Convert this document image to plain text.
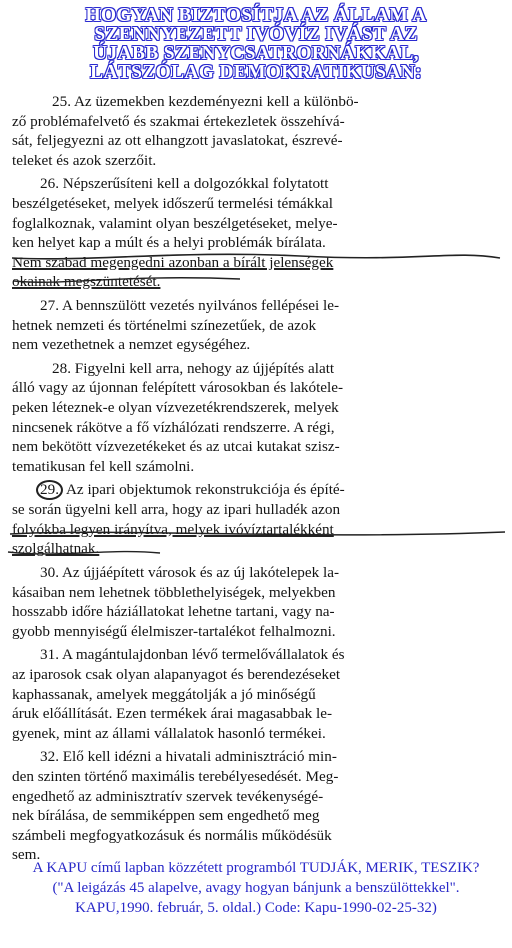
HOGYAN BIZTOSÍTJA AZ ÁLLAM A
SZENNYEZETT IVÓVÍZ IVÁST AZ
ÚJABB SZENYCSATRORNÁKKAL,
LÁTSZÓLAG DEMOKRATIKUSAN:
25. Az üzemekben kezdeményezni kell a különbö-
ző problémafelvető és szakmai értekezletek összehívá-
sát, feljegyezni az ott elhangzott javaslatokat, észrevé-
teleket és azok szerzőit.
26. Népszerűsíteni kell a dolgozókkal folytatott
beszélgetéseket, melyek időszerű termelési témákkal
foglalkoznak, valamint olyan beszélgetéseket, melye-
ken helyet kap a múlt és a helyi problémák bírálata.
Nem szabad megengedni azonban a bírált jelenségek
okainak megszüntetését.
27. A bennszülött vezetés nyilvános fellépései le-
hetnek nemzeti és történelmi színezetűek, de azok
nem vezethetnek a nemzet egységéhez.
28. Figyelni kell arra, nehogy az újjépítés alatt
álló vagy az újonnan felépített városokban és lakótele-
peken léteznek-e olyan vízvezetékrendszerek, melyek
nincsenek rákötve a fő vízhálózati rendszerre. A régi,
nem bekötött vízvezetékeket és az utcai kutakat szisz-
tematikusan fel kell számolni.
29. Az ipari objektumok rekonstrukciója és építé-
se során ügyelni kell arra, hogy az ipari hulladék azon
folyókba legyen irányítva, melyek ivóvíztartalékként
szolgálhatnak.
30. Az újjáépített városok és az új lakótelepek la-
kásaiban nem lehetnek többlethelyiségek, melyekben
hosszabb időre háziállatokat lehetne tartani, vagy na-
gyobb mennyiségű élelmiszer-tartalékot felhalmozni.
31. A magántulajdonban lévő termelővállalatok és
az iparosok csak olyan alapanyagot és berendezéseket
kaphassanak, amelyek meggátolják a jó minőségű
áruk előállítását. Ezen termékek árai magasabbak le-
gyenek, mint az állami vállalatok hasonló termékei.
32. Elő kell idézni a hivatali adminisztráció min-
den szinten történő maximális terebélyesedését. Meg-
engedhető az adminisztratív szervek tevékenységé-
nek bírálása, de semmiképpen sem engedhető meg
számbeli megfogyatkozásuk és normális működésük
sem.
A KAPU című lapban közzétett programból TUDJÁK, MERIK, TESZIK?
("A leigázás 45 alapelve, avagy hogyan bánjunk a benszülöttekkel".
KAPU,1990. február, 5. oldal.) Code: Kapu-1990-02-25-32)
